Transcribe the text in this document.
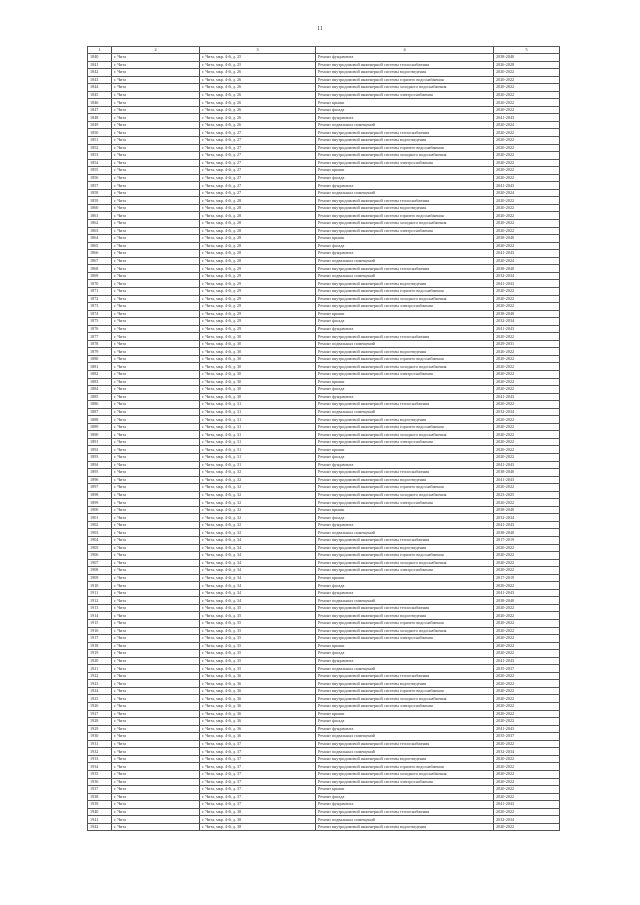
11
1	2	3	4	5
1840	г. Чита	г. Чита, мкр. 4-й, д. 25	Ремонт фундамента	2038-2040
1841	г. Чита	г. Чита, мкр. 4-й, д. 25	Ремонт внутридомовой инженерной системы теплоснабжения	2026-2028
1842	г. Чита	г. Чита, мкр. 4-й, д. 26	Ремонт внутридомовой инженерной системы водоотведения	2020-2022
1843	г. Чита	г. Чита, мкр. 4-й, д. 26	Ремонт внутридомовой инженерной системы горячего водоснабжения	2020-2022
1844	г. Чита	г. Чита, мкр. 4-й, д. 26	Ремонт внутридомовой инженерной системы холодного водоснабжения	2020-2022
1845	г. Чита	г. Чита, мкр. 4-й, д. 26	Ремонт внутридомовой инженерной системы электроснабжения	2020-2022
1846	г. Чита	г. Чита, мкр. 4-й, д. 26	Ремонт крыши	2020-2022
1847	г. Чита	г. Чита, мкр. 4-й, д. 26	Ремонт фасада	2020-2022
1848	г. Чита	г. Чита, мкр. 4-й, д. 26	Ремонт фундамента	2041-2043
1849	г. Чита	г. Чита, мкр. 4-й, д. 26	Ремонт подвальных помещений	2020-2024
1850	г. Чита	г. Чита, мкр. 4-й, д. 27	Ремонт внутридомовой инженерной системы теплоснабжения	2020-2022
1851	г. Чита	г. Чита, мкр. 4-й, д. 27	Ремонт внутридомовой инженерной системы водоотведения	2020-2022
1852	г. Чита	г. Чита, мкр. 4-й, д. 27	Ремонт внутридомовой инженерной системы горячего водоснабжения	2020-2022
1853	г. Чита	г. Чита, мкр. 4-й, д. 27	Ремонт внутридомовой инженерной системы холодного водоснабжения	2020-2022
1854	г. Чита	г. Чита, мкр. 4-й, д. 27	Ремонт внутридомовой инженерной системы электроснабжения	2020-2022
1855	г. Чита	г. Чита, мкр. 4-й, д. 27	Ремонт крыши	2020-2022
1856	г. Чита	г. Чита, мкр. 4-й, д. 27	Ремонт фасада	2020-2022
1857	г. Чита	г. Чита, мкр. 4-й, д. 27	Ремонт фундамента	2041-2043
1858	г. Чита	г. Чита, мкр. 4-й, д. 27	Ремонт подвальных помещений	2020-2024
1859	г. Чита	г. Чита, мкр. 4-й, д. 28	Ремонт внутридомовой инженерной системы теплоснабжения	2020-2022
1860	г. Чита	г. Чита, мкр. 4-й, д. 28	Ремонт внутридомовой инженерной системы водоотведения	2020-2022
1861	г. Чита	г. Чита, мкр. 4-й, д. 28	Ремонт внутридомовой инженерной системы горячего водоснабжения	2020-2022
1862	г. Чита	г. Чита, мкр. 4-й, д. 28	Ремонт внутридомовой инженерной системы холодного водоснабжения	2020-2022
1863	г. Чита	г. Чита, мкр. 4-й, д. 28	Ремонт внутридомовой инженерной системы электроснабжения	2020-2022
1864	г. Чита	г. Чита, мкр. 4-й, д. 28	Ремонт крыши	2038-2040
1865	г. Чита	г. Чита, мкр. 4-й, д. 28	Ремонт фасада	2020-2022
1866	г. Чита	г. Чита, мкр. 4-й, д. 28	Ремонт фундамента	2041-2043
1867	г. Чита	г. Чита, мкр. 4-й, д. 28	Ремонт подвальных помещений	2020-2024
1868	г. Чита	г. Чита, мкр. 4-й, д. 29	Ремонт внутридомовой инженерной системы теплоснабжения	2038-2040
1869	г. Чита	г. Чита, мкр. 4-й, д. 29	Ремонт подвальных помещений	2032-2034
1870	г. Чита	г. Чита, мкр. 4-й, д. 29	Ремонт внутридомовой инженерной системы водоотведения	2041-2043
1871	г. Чита	г. Чита, мкр. 4-й, д. 29	Ремонт внутридомовой инженерной системы горячего водоснабжения	2020-2022
1872	г. Чита	г. Чита, мкр. 4-й, д. 29	Ремонт внутридомовой инженерной системы холодного водоснабжения	2020-2022
1873	г. Чита	г. Чита, мкр. 4-й, д. 29	Ремонт внутридомовой инженерной системы электроснабжения	2020-2022
1874	г. Чита	г. Чита, мкр. 4-й, д. 29	Ремонт крыши	2038-2040
1875	г. Чита	г. Чита, мкр. 4-й, д. 29	Ремонт фасада	2032-2034
1876	г. Чита	г. Чита, мкр. 4-й, д. 29	Ремонт фундамента	2041-2043
1877	г. Чита	г. Чита, мкр. 4-й, д. 30	Ремонт внутридомовой инженерной системы теплоснабжения	2020-2022
1878	г. Чита	г. Чита, мкр. 4-й, д. 30	Ремонт подвальных помещений	2029-2031
1879	г. Чита	г. Чита, мкр. 4-й, д. 30	Ремонт внутридомовой инженерной системы водоотведения	2020-2022
1880	г. Чита	г. Чита, мкр. 4-й, д. 30	Ремонт внутридомовой инженерной системы горячего водоснабжения	2020-2022
1881	г. Чита	г. Чита, мкр. 4-й, д. 30	Ремонт внутридомовой инженерной системы холодного водоснабжения	2020-2022
1882	г. Чита	г. Чита, мкр. 4-й, д. 30	Ремонт внутридомовой инженерной системы электроснабжения	2020-2022
1883	г. Чита	г. Чита, мкр. 4-й, д. 30	Ремонт крыши	2020-2022
1884	г. Чита	г. Чита, мкр. 4-й, д. 30	Ремонт фасада	2020-2022
1885	г. Чита	г. Чита, мкр. 4-й, д. 30	Ремонт фундамента	2041-2043
1886	г. Чита	г. Чита, мкр. 4-й, д. 31	Ремонт внутридомовой инженерной системы теплоснабжения	2020-2022
1887	г. Чита	г. Чита, мкр. 4-й, д. 31	Ремонт подвальных помещений	2032-2034
1888	г. Чита	г. Чита, мкр. 4-й, д. 31	Ремонт внутридомовой инженерной системы водоотведения	2020-2022
1889	г. Чита	г. Чита, мкр. 4-й, д. 31	Ремонт внутридомовой инженерной системы горячего водоснабжения	2020-2022
1890	г. Чита	г. Чита, мкр. 4-й, д. 31	Ремонт внутридомовой инженерной системы холодного водоснабжения	2020-2022
1891	г. Чита	г. Чита, мкр. 4-й, д. 31	Ремонт внутридомовой инженерной системы электроснабжения	2020-2022
1892	г. Чита	г. Чита, мкр. 4-й, д. 31	Ремонт крыши	2020-2022
1893	г. Чита	г. Чита, мкр. 4-й, д. 31	Ремонт фасада	2020-2022
1894	г. Чита	г. Чита, мкр. 4-й, д. 31	Ремонт фундамента	2041-2043
1895	г. Чита	г. Чита, мкр. 4-й, д. 32	Ремонт внутридомовой инженерной системы теплоснабжения	2038-2040
1896	г. Чита	г. Чита, мкр. 4-й, д. 32	Ремонт внутридомовой инженерной системы водоотведения	2041-2043
1897	г. Чита	г. Чита, мкр. 4-й, д. 32	Ремонт внутридомовой инженерной системы горячего водоснабжения	2020-2022
1898	г. Чита	г. Чита, мкр. 4-й, д. 32	Ремонт внутридомовой инженерной системы холодного водоснабжения	2023-2025
1899	г. Чита	г. Чита, мкр. 4-й, д. 32	Ремонт внутридомовой инженерной системы электроснабжения	2020-2022
1900	г. Чита	г. Чита, мкр. 4-й, д. 32	Ремонт крыши	2038-2040
1901	г. Чита	г. Чита, мкр. 4-й, д. 32	Ремонт фасада	2032-2034
1902	г. Чита	г. Чита, мкр. 4-й, д. 32	Ремонт фундамента	2041-2043
1903	г. Чита	г. Чита, мкр. 4-й, д. 32	Ремонт подвальных помещений	2038-2040
1904	г. Чита	г. Чита, мкр. 4-й, д. 34	Ремонт внутридомовой инженерной системы теплоснабжения	2017-2019
1905	г. Чита	г. Чита, мкр. 4-й, д. 34	Ремонт внутридомовой инженерной системы водоотведения	2020-2022
1906	г. Чита	г. Чита, мкр. 4-й, д. 34	Ремонт внутридомовой инженерной системы горячего водоснабжения	2020-2022
1907	г. Чита	г. Чита, мкр. 4-й, д. 34	Ремонт внутридомовой инженерной системы холодного водоснабжения	2020-2022
1908	г. Чита	г. Чита, мкр. 4-й, д. 34	Ремонт внутридомовой инженерной системы электроснабжения	2020-2022
1909	г. Чита	г. Чита, мкр. 4-й, д. 34	Ремонт крыши	2017-2019
1910	г. Чита	г. Чита, мкр. 4-й, д. 34	Ремонт фасада	2020-2022
1911	г. Чита	г. Чита, мкр. 4-й, д. 34	Ремонт фундамента	2041-2043
1912	г. Чита	г. Чита, мкр. 4-й, д. 34	Ремонт подвальных помещений	2038-2040
1913	г. Чита	г. Чита, мкр. 4-й, д. 35	Ремонт внутридомовой инженерной системы теплоснабжения	2020-2022
1914	г. Чита	г. Чита, мкр. 4-й, д. 35	Ремонт внутридомовой инженерной системы водоотведения	2020-2022
1915	г. Чита	г. Чита, мкр. 4-й, д. 35	Ремонт внутридомовой инженерной системы горячего водоснабжения	2020-2022
1916	г. Чита	г. Чита, мкр. 4-й, д. 35	Ремонт внутридомовой инженерной системы холодного водоснабжения	2020-2022
1917	г. Чита	г. Чита, мкр. 4-й, д. 35	Ремонт внутридомовой инженерной системы электроснабжения	2020-2022
1918	г. Чита	г. Чита, мкр. 4-й, д. 35	Ремонт крыши	2020-2022
1919	г. Чита	г. Чита, мкр. 4-й, д. 35	Ремонт фасада	2020-2022
1920	г. Чита	г. Чита, мкр. 4-й, д. 35	Ремонт фундамента	2041-2043
1921	г. Чита	г. Чита, мкр. 4-й, д. 35	Ремонт подвальных помещений	2035-2037
1922	г. Чита	г. Чита, мкр. 4-й, д. 36	Ремонт внутридомовой инженерной системы теплоснабжения	2020-2022
1923	г. Чита	г. Чита, мкр. 4-й, д. 36	Ремонт внутридомовой инженерной системы водоотведения	2020-2022
1924	г. Чита	г. Чита, мкр. 4-й, д. 36	Ремонт внутридомовой инженерной системы горячего водоснабжения	2020-2022
1925	г. Чита	г. Чита, мкр. 4-й, д. 36	Ремонт внутридомовой инженерной системы холодного водоснабжения	2020-2022
1926	г. Чита	г. Чита, мкр. 4-й, д. 36	Ремонт внутридомовой инженерной системы электроснабжения	2020-2022
1927	г. Чита	г. Чита, мкр. 4-й, д. 36	Ремонт крыши	2020-2022
1928	г. Чита	г. Чита, мкр. 4-й, д. 36	Ремонт фасада	2020-2022
1929	г. Чита	г. Чита, мкр. 4-й, д. 36	Ремонт фундамента	2041-2043
1930	г. Чита	г. Чита, мкр. 4-й, д. 36	Ремонт подвальных помещений	2035-2037
1931	г. Чита	г. Чита, мкр. 4-й, д. 37	Ремонт внутридомовой инженерной системы теплоснабжения	2020-2022
1932	г. Чита	г. Чита, мкр. 4-й, д. 37	Ремонт подвальных помещений	2032-2034
1933	г. Чита	г. Чита, мкр. 4-й, д. 37	Ремонт внутридомовой инженерной системы водоотведения	2020-2022
1934	г. Чита	г. Чита, мкр. 4-й, д. 37	Ремонт внутридомовой инженерной системы горячего водоснабжения	2020-2022
1935	г. Чита	г. Чита, мкр. 4-й, д. 37	Ремонт внутридомовой инженерной системы холодного водоснабжения	2020-2022
1936	г. Чита	г. Чита, мкр. 4-й, д. 37	Ремонт внутридомовой инженерной системы электроснабжения	2020-2022
1937	г. Чита	г. Чита, мкр. 4-й, д. 37	Ремонт крыши	2020-2022
1938	г. Чита	г. Чита, мкр. 4-й, д. 37	Ремонт фасада	2020-2022
1939	г. Чита	г. Чита, мкр. 4-й, д. 37	Ремонт фундамента	2041-2043
1940	г. Чита	г. Чита, мкр. 4-й, д. 38	Ремонт внутридомовой инженерной системы теплоснабжения	2020-2022
1941	г. Чита	г. Чита, мкр. 4-й, д. 38	Ремонт подвальных помещений	2032-2034
1942	г. Чита	г. Чита, мкр. 4-й, д. 38	Ремонт внутридомовой инженерной системы водоотведения	2020-2022
